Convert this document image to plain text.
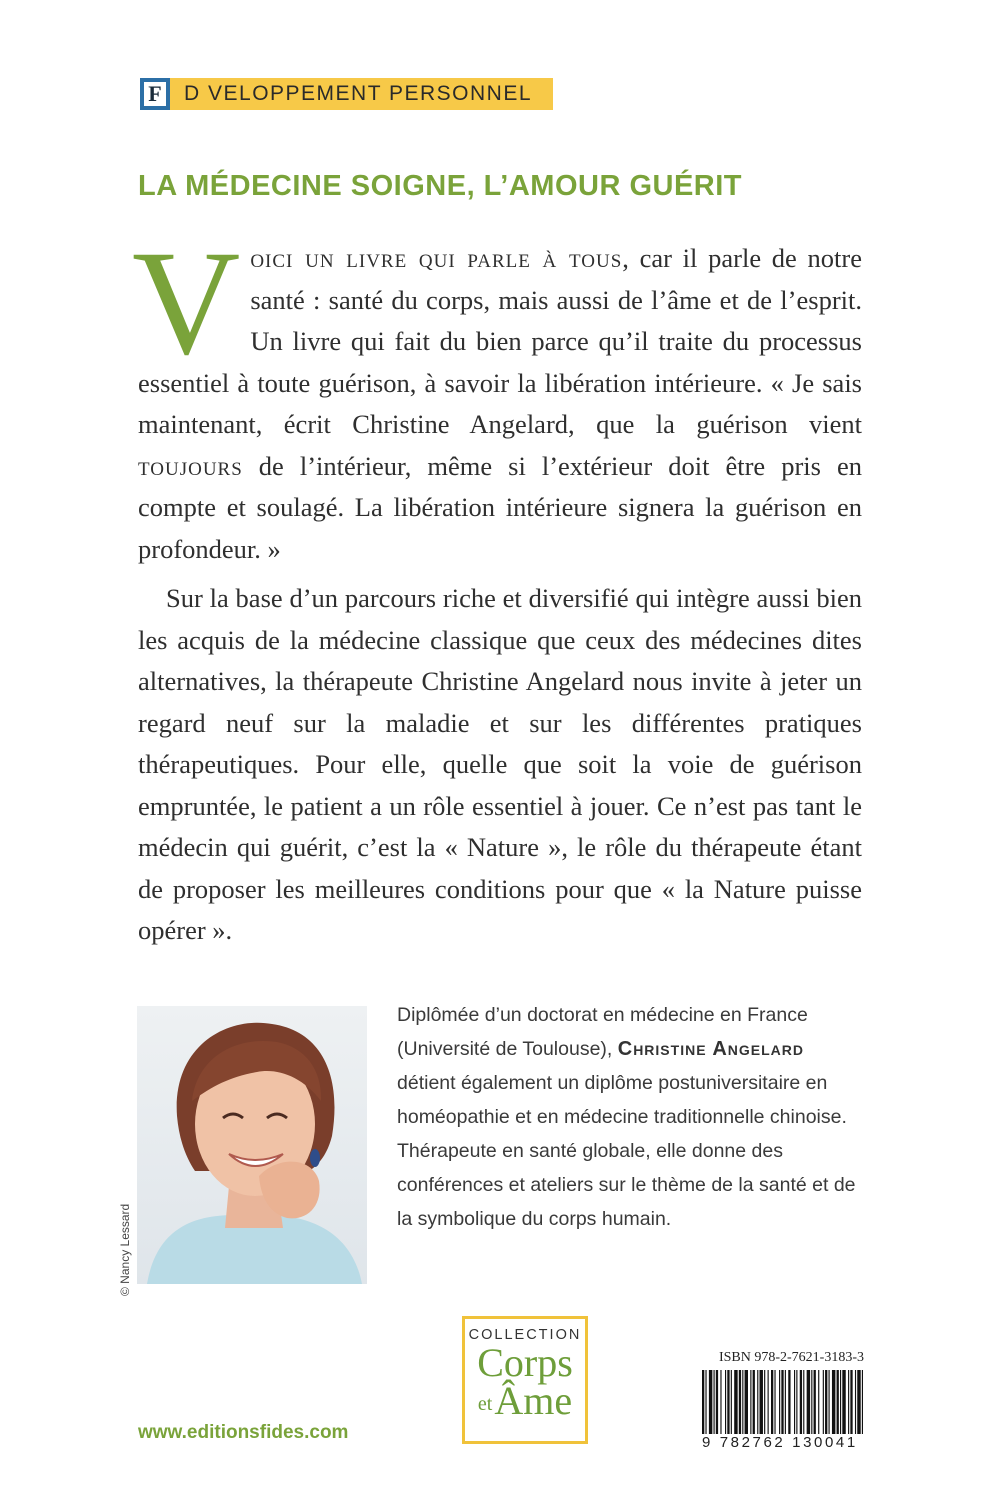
F	D VELOPPEMENT PERSONNEL
LA MÉDECINE SOIGNE, L’AMOUR GUÉRIT

Voici un livre qui parle à tous, car il parle de notre santé : santé du corps, mais aussi de l’âme et de l’esprit. Un livre qui fait du bien parce qu’il traite du processus essentiel à toute guérison, à savoir la libération intérieure. « Je sais maintenant, écrit Christine Angelard, que la guérison vient toujours de l’intérieur, même si l’extérieur doit être pris en compte et soulagé. La libération intérieure signera la guérison en profondeur. »

Sur la base d’un parcours riche et diversifié qui intègre aussi bien les acquis de la médecine classique que ceux des médecines dites alternatives, la thérapeute Christine Angelard nous invite à jeter un regard neuf sur la maladie et sur les différentes pratiques thérapeutiques. Pour elle, quelle que soit la voie de guérison empruntée, le patient a un rôle essentiel à jouer. Ce n’est pas tant le médecin qui guérit, c’est la « Nature », le rôle du thérapeute étant de proposer les meilleures conditions pour que « la Nature puisse opérer ».

© Nancy Lessard
Diplômée d’un doctorat en médecine en France (Université de Toulouse), Christine Angelard détient également un diplôme postuniversitaire en homéopathie et en médecine traditionnelle chinoise. Thérapeute en santé globale, elle donne des conférences et ateliers sur le thème de la santé et de la symbolique du corps humain.
www.editionsfides.com
COLLECTION
Corps
et Âme
ISBN 978-2-7621-3183-3
9 782762 130041
